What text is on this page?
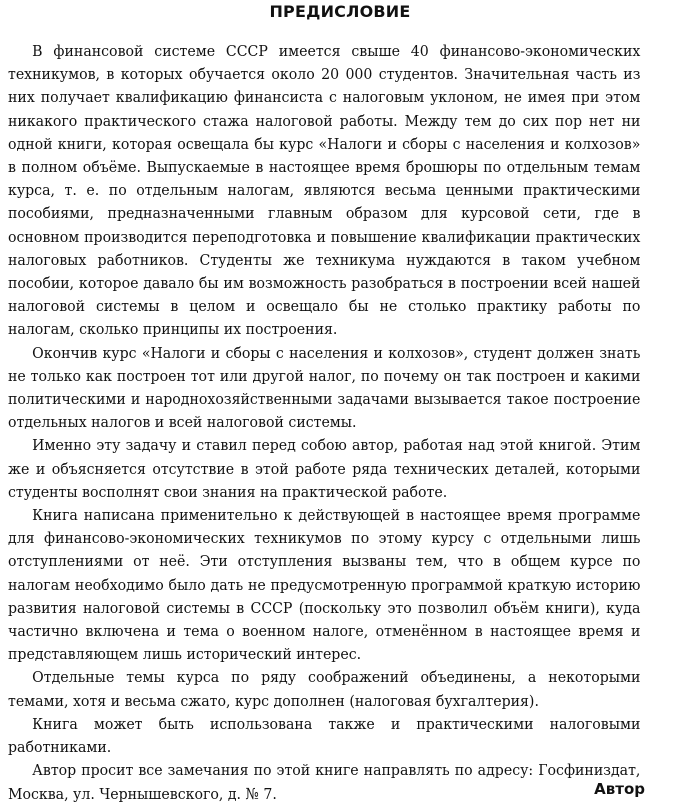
ПРЕДИСЛОВИЕ

В финансовой системе СССР имеется свыше 40 финансово-экономических техникумов, в которых обучается около 20 000 студентов. Значительная часть из них получает квалификацию финансиста с налоговым уклоном, не имея при этом никакого практического стажа налоговой работы. Между тем до сих пор нет ни одной книги, которая освещала бы курс «Налоги и сборы с населения и колхозов» в полном объёме. Выпускаемые в настоящее время брошюры по отдельным темам курса, т. е. по отдельным налогам, являются весьма ценными практическими пособиями, предназначенными главным образом для курсовой сети, где в основном производится переподготовка и повышение квалификации практических налоговых работников. Студенты же техникума нуждаются в таком учебном пособии, которое давало бы им возможность разобраться в построении всей нашей налоговой системы в целом и освещало бы не столько практику работы по налогам, сколько принципы их построения.

Окончив курс «Налоги и сборы с населения и колхозов», студент должен знать не только как построен тот или другой налог, по почему он так построен и какими политическими и народнохозяйственными задачами вызывается такое построение отдельных налогов и всей налоговой системы.

Именно эту задачу и ставил перед собою автор, работая над этой книгой. Этим же и объясняется отсутствие в этой работе ряда технических деталей, которыми студенты восполнят свои знания на практической работе.

Книга написана применительно к действующей в настоящее время программе для финансово-экономических техникумов по этому курсу с отдельными лишь отступлениями от неё. Эти отступления вызваны тем, что в общем курсе по налогам необходимо было дать не предусмотренную программой краткую историю развития налоговой системы в СССР (поскольку это позволил объём книги), куда частично включена и тема о военном налоге, отменённом в настоящее время и представляющем лишь исторический интерес.

Отдельные темы курса по ряду соображений объединены, а некоторыми темами, хотя и весьма сжато, курс дополнен (налоговая бухгалтерия).

Книга может быть использована также и практическими налоговыми работниками.

Автор просит все замечания по этой книге направлять по адресу: Госфиниздат, Москва, ул. Чернышевского, д. № 7.	Автор
